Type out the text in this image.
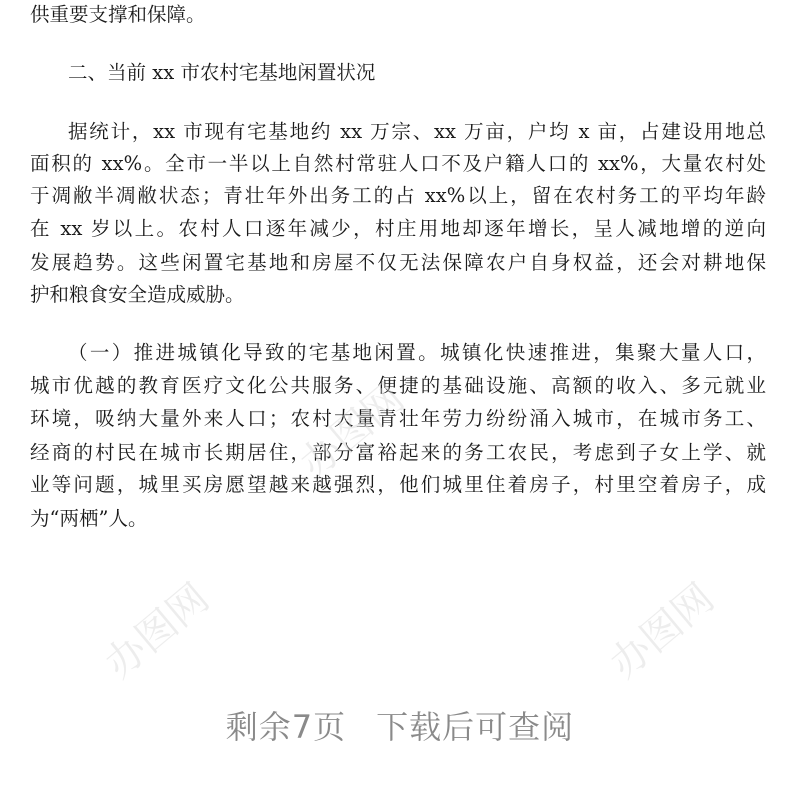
供重要支撑和保障。

二、当前 xx 市农村宅基地闲置状况

据统计，xx 市现有宅基地约 xx 万宗、xx 万亩，户均 x 亩，占建设用地总

面积的 xx%。全市一半以上自然村常驻人口不及户籍人口的 xx%，大量农村处

于凋敝半凋敝状态；青壮年外出务工的占 xx%以上，留在农村务工的平均年龄

在 xx 岁以上。农村人口逐年减少，村庄用地却逐年增长，呈人减地增的逆向

发展趋势。这些闲置宅基地和房屋不仅无法保障农户自身权益，还会对耕地保

护和粮食安全造成威胁。

（一）推进城镇化导致的宅基地闲置。城镇化快速推进，集聚大量人口，

城市优越的教育医疗文化公共服务、便捷的基础设施、高额的收入、多元就业

环境，吸纳大量外来人口；农村大量青壮年劳力纷纷涌入城市，在城市务工、

经商的村民在城市长期居住，部分富裕起来的务工农民，考虑到子女上学、就

业等问题，城里买房愿望越来越强烈，他们城里住着房子，村里空着房子，成

为“两栖”人。

办图网
办图网	办图网
剩余7页 下载后可查阅
